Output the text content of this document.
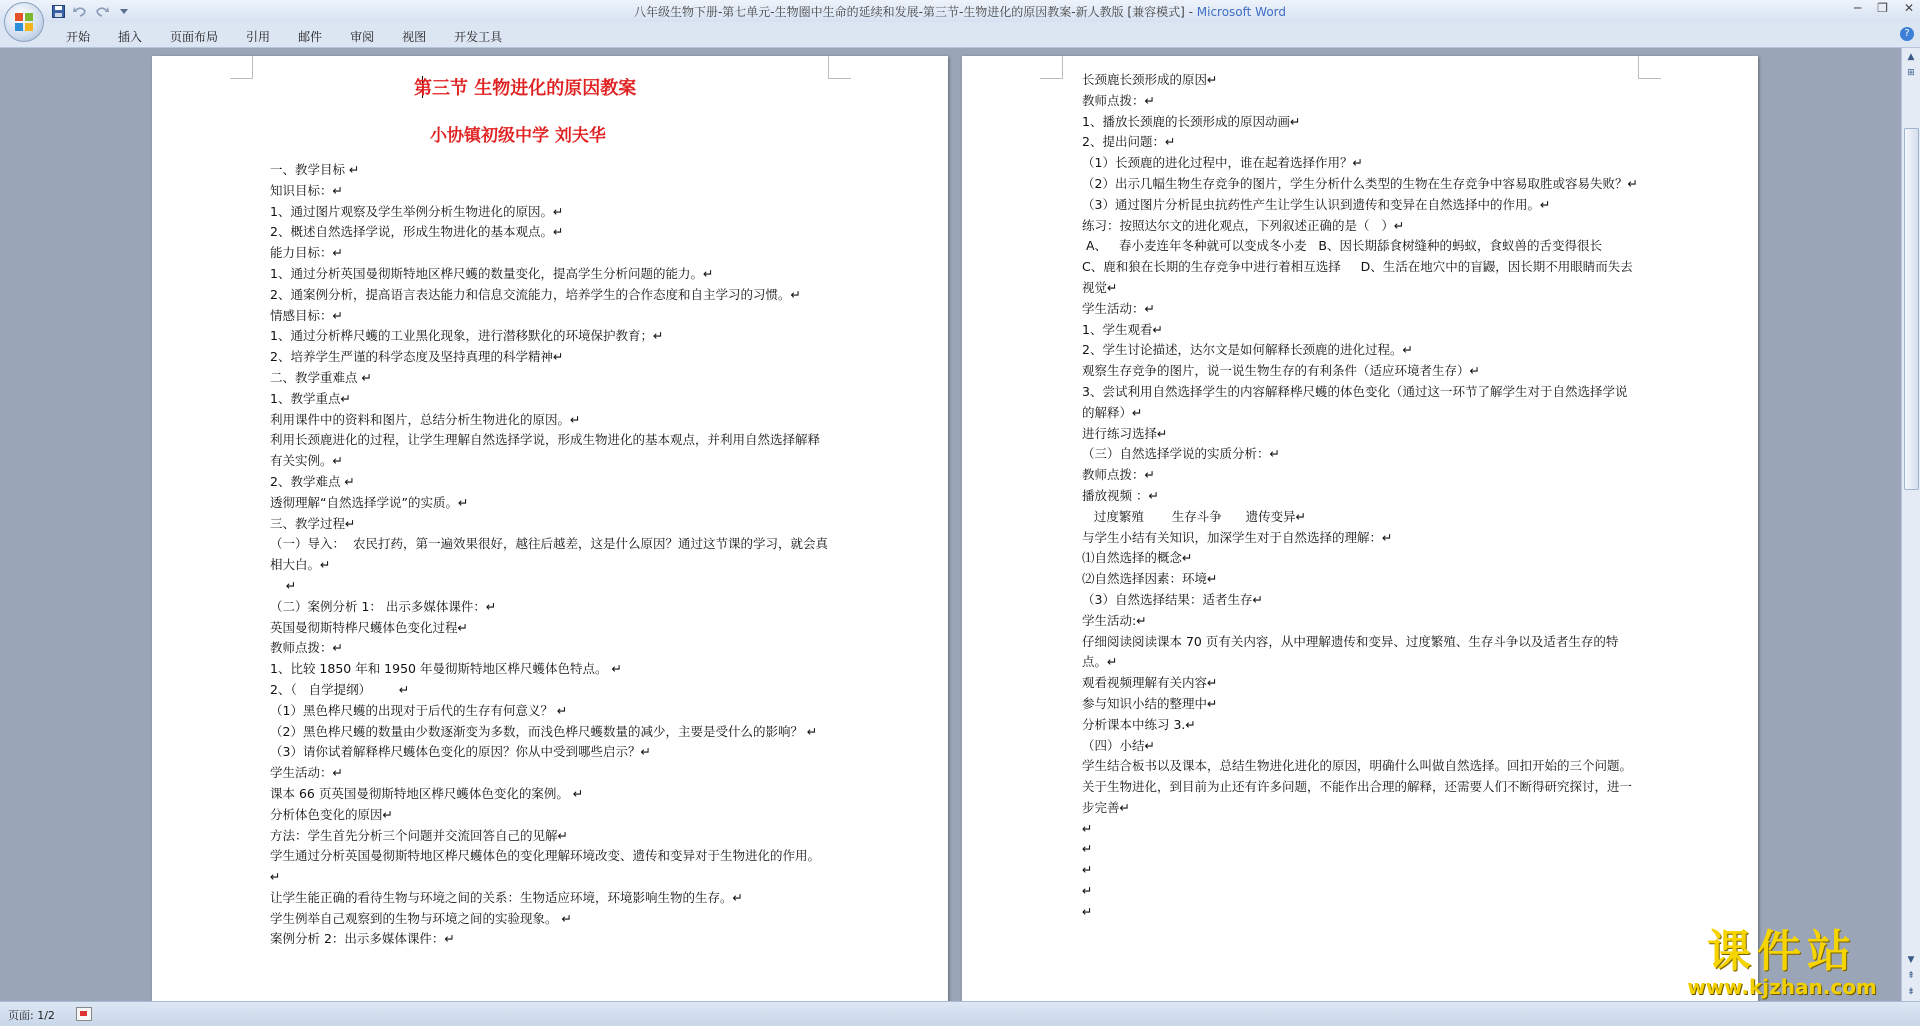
八年级生物下册-第七单元-生物圈中生命的延续和发展-第三节-生物进化的原因教案-新人教版 [兼容模式] - Microsoft Word	─ ❐ ✕
开始	插入	页面布局	引用	邮件	审阅	视图	开发工具	?
第三节 生物进化的原因教案
小协镇初级中学 刘夫华
一、教学目标 ↵
知识目标：↵
1、通过图片观察及学生举例分析生物进化的原因。↵
2、概述自然选择学说，形成生物进化的基本观点。↵
能力目标：↵
1、通过分析英国曼彻斯特地区桦尺蠖的数量变化，提高学生分析问题的能力。↵
2、通案例分析，提高语言表达能力和信息交流能力，培养学生的合作态度和自主学习的习惯。↵
情感目标：↵
1、通过分析桦尺蠖的工业黑化现象，进行潜移默化的环境保护教育；↵
2、培养学生严谨的科学态度及坚持真理的科学精神↵
二、教学重难点 ↵
1、教学重点↵
利用课件中的资料和图片，总结分析生物进化的原因。↵
利用长颈鹿进化的过程，让学生理解自然选择学说，形成生物进化的基本观点，并利用自然选择解释有关实例。↵
2、教学难点 ↵
透彻理解“自然选择学说”的实质。↵
三、教学过程↵
（一）导入：  农民打药，第一遍效果很好，越往后越差，这是什么原因？通过这节课的学习，就会真相大白。↵
↵
（二）案例分析 1： 出示多媒体课件：↵
英国曼彻斯特桦尺蠖体色变化过程↵
教师点拨：↵
1、比较 1850 年和 1950 年曼彻斯特地区桦尺蠖体色特点。 ↵
2、（   自学提纲）       ↵
（1）黑色桦尺蠖的出现对于后代的生存有何意义？ ↵
（2）黑色桦尺蠖的数量由少数逐渐变为多数，而浅色桦尺蠖数量的减少，主要是受什么的影响？ ↵
（3）请你试着解释桦尺蠖体色变化的原因？你从中受到哪些启示？↵
学生活动：↵
课本 66 页英国曼彻斯特地区桦尺蠖体色变化的案例。 ↵
分析体色变化的原因↵
方法：学生首先分析三个问题并交流回答自己的见解↵
学生通过分析英国曼彻斯特地区桦尺蠖体色的变化理解环境改变、遗传和变异对于生物进化的作用。↵
让学生能正确的看待生物与环境之间的关系：生物适应环境，环境影响生物的生存。↵
学生例举自己观察到的生物与环境之间的实验现象。 ↵
案例分析 2：出示多媒体课件：↵
长颈鹿长颈形成的原因↵
教师点拨：↵
1、播放长颈鹿的长颈形成的原因动画↵
2、提出问题：↵
（1）长颈鹿的进化过程中，谁在起着选择作用？↵
（2）出示几幅生物生存竞争的图片，学生分析什么类型的生物在生存竞争中容易取胜或容易失败？↵
（3）通过图片分析昆虫抗药性产生让学生认识到遗传和变异在自然选择中的作用。↵
练习：按照达尔文的进化观点，下列叙述正确的是（   ）↵
A、   春小麦连年冬种就可以变成冬小麦   B、因长期舔食树缝种的蚂蚁，食蚁兽的舌变得很长        C、鹿和狼在长期的生存竞争中进行着相互选择     D、生活在地穴中的盲鼹，因长期不用眼睛而失去视觉↵
学生活动：↵
1、学生观看↵
2、学生讨论描述，达尔文是如何解释长颈鹿的进化过程。↵
观察生存竞争的图片，说一说生物生存的有利条件（适应环境者生存）↵
3、尝试利用自然选择学生的内容解释桦尺蠖的体色变化（通过这一环节了解学生对于自然选择学说的解释）↵
进行练习选择↵
（三）自然选择学说的实质分析：↵
教师点拨：↵
播放视频 ：↵
过度繁殖       生存斗争      遗传变异↵
与学生小结有关知识，加深学生对于自然选择的理解：↵
⑴自然选择的概念↵
⑵自然选择因素：环境↵
（3）自然选择结果：适者生存↵
学生活动:↵
仔细阅读阅读课本 70 页有关内容，从中理解遗传和变异、过度繁殖、生存斗争以及适者生存的特点。↵
观看视频理解有关内容↵
参与知识小结的整理中↵
分析课本中练习 3.↵
（四）小结↵
学生结合板书以及课本，总结生物进化进化的原因，明确什么叫做自然选择。回扣开始的三个问题。 关于生物进化，到目前为止还有许多问题，不能作出合理的解释，还需要人们不断得研究探讨，进一步完善↵
↵
↵
↵
↵
↵
▲
⊞
▼
⇞
⇟
页面: 1/2
课件站
www.kjzhan.com
